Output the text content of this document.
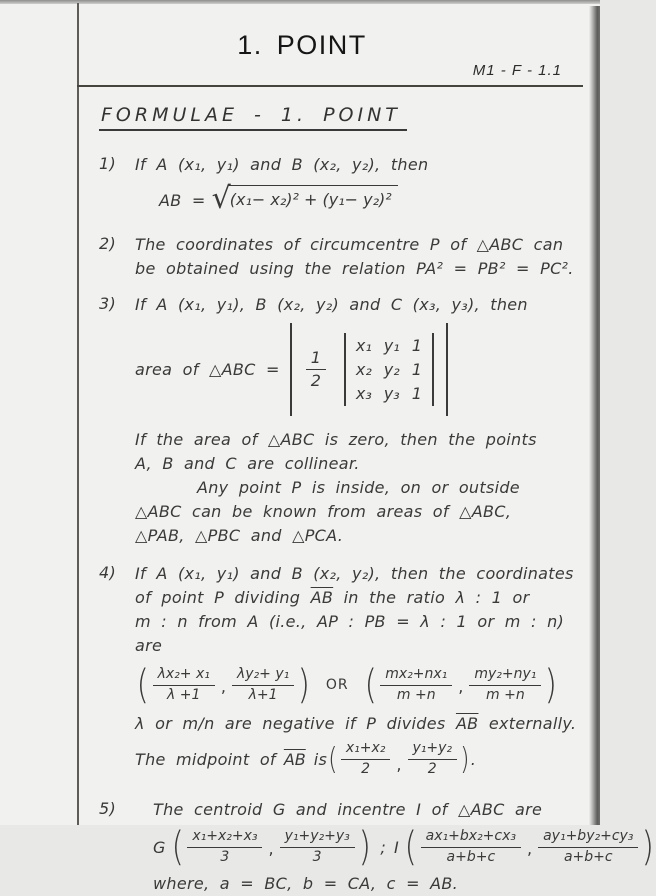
1. POINT
M1 - F - 1.1
FORMULAE - 1. POINT
1)	If A (x₁, y₁) and B (x₂, y₂), then
AB = √ (x₁− x₂)² + (y₁− y₂)²
2)	The coordinates of circumcentre P of △ABC can
be obtained using the relation PA² = PB² = PC².
3)	If A (x₁, y₁), B (x₂, y₂) and C (x₃, y₃), then
area of △ABC = $\frac{1}{2}$
x₁ y₁ 1
x₂ y₂ 1
x₃ y₃ 1
If the area of △ABC is zero, then the points
A, B and C are collinear.
Any point P is inside, on or outside
△ABC can be known from areas of △ABC,
△PAB, △PBC and △PCA.
4)	If A (x₁, y₁) and B (x₂, y₂), then the coordinates
of point P dividing $\overline{AB}$ in the ratio λ : 1 or
m : n from A (i.e., AP : PB = λ : 1 or m : n) are
( $\frac{\text{λx₂+ x₁}}{\lambda +1}$ , $\frac{\text{λy₂+ y₁}}{\lambda+1}$ ) OR ( $\frac{\text{mx₂+nx₁}}{m +n}$ , $\frac{\text{my₂+ny₁}}{m +n}$ )
λ or m/n are negative if P divides $\overline{AB}$ externally.
The midpoint of $\overline{AB}$ is ( $\frac{\text{x₁+x₂}}{2}$ , $\frac{\text{y₁+y₂}}{2}$ ) .
5)	The centroid G and incentre I of △ABC are
G ( $\frac{\text{x₁+x₂+x₃}}{3}$ , $\frac{\text{y₁+y₂+y₃}}{3}$ ) ; I ( $\frac{\text{ax₁+bx₂+cx₃}}{a+b+c}$ , $\frac{\text{ay₁+by₂+cy₃}}{a+b+c}$ )
where, a = BC, b = CA, c = AB.
